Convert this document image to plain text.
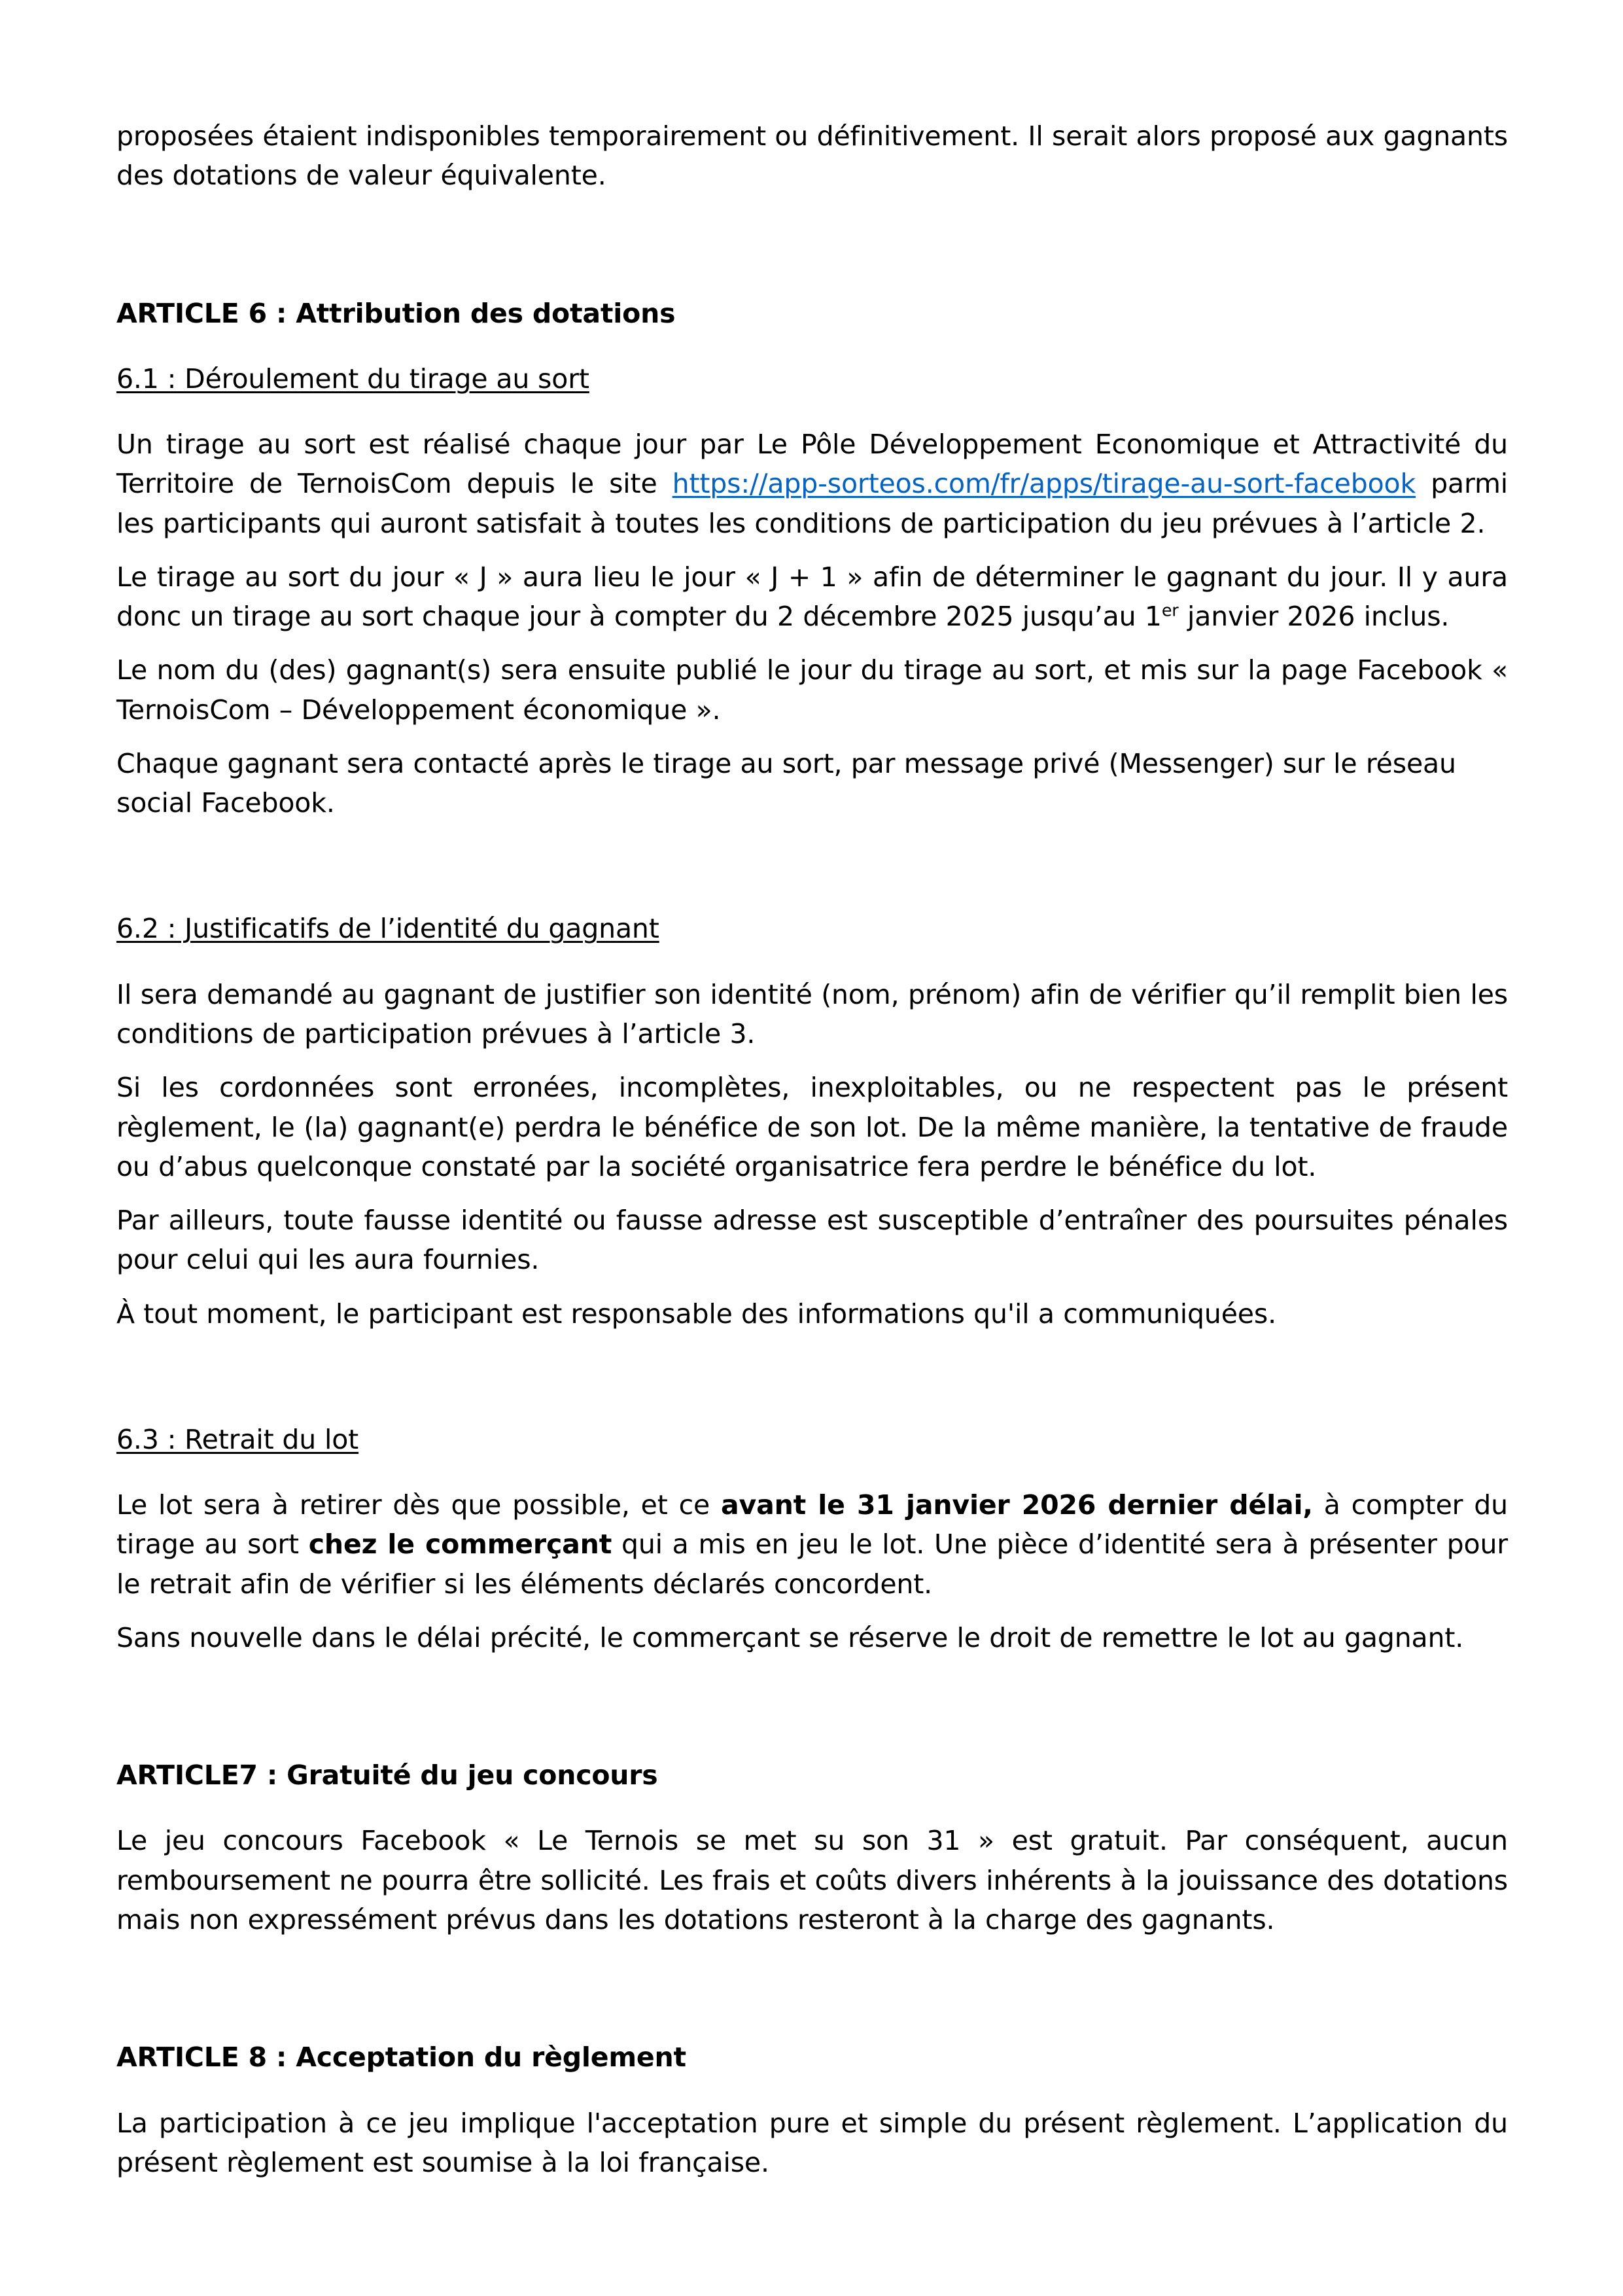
proposées étaient indisponibles temporairement ou définitivement. Il serait alors proposé aux gagnants des dotations de valeur équivalente.

ARTICLE 6 : Attribution des dotations
6.1 : Déroulement du tirage au sort

Un tirage au sort est réalisé chaque jour par Le Pôle Développement Economique et Attractivité du Territoire de TernoisCom depuis le site https://app-sorteos.com/fr/apps/tirage-au-sort-facebook parmi les participants qui auront satisfait à toutes les conditions de participation du jeu prévues à l’article 2.

Le tirage au sort du jour « J » aura lieu le jour « J + 1 » afin de déterminer le gagnant du jour. Il y aura donc un tirage au sort chaque jour à compter du 2 décembre 2025 jusqu’au 1er janvier 2026 inclus.

Le nom du (des) gagnant(s) sera ensuite publié le jour du tirage au sort, et mis sur la page Facebook « TernoisCom – Développement économique ».

Chaque gagnant sera contacté après le tirage au sort, par message privé (Messenger) sur le réseau social Facebook.

6.2 : Justificatifs de l’identité du gagnant

Il sera demandé au gagnant de justifier son identité (nom, prénom) afin de vérifier qu’il remplit bien les conditions de participation prévues à l’article 3.

Si les cordonnées sont erronées, incomplètes, inexploitables, ou ne respectent pas le présent règlement, le (la) gagnant(e) perdra le bénéfice de son lot. De la même manière, la tentative de fraude ou d’abus quelconque constaté par la société organisatrice fera perdre le bénéfice du lot.

Par ailleurs, toute fausse identité ou fausse adresse est susceptible d’entraîner des poursuites pénales pour celui qui les aura fournies.

À tout moment, le participant est responsable des informations qu'il a communiquées.

6.3 : Retrait du lot

Le lot sera à retirer dès que possible, et ce avant le 31 janvier 2026 dernier délai, à compter du tirage au sort chez le commerçant qui a mis en jeu le lot. Une pièce d’identité sera à présenter pour le retrait afin de vérifier si les éléments déclarés concordent.

Sans nouvelle dans le délai précité, le commerçant se réserve le droit de remettre le lot au gagnant.

ARTICLE7 : Gratuité du jeu concours

Le jeu concours Facebook « Le Ternois se met su son 31 » est gratuit. Par conséquent, aucun remboursement ne pourra être sollicité. Les frais et coûts divers inhérents à la jouissance des dotations mais non expressément prévus dans les dotations resteront à la charge des gagnants.

ARTICLE 8 : Acceptation du règlement

La participation à ce jeu implique l'acceptation pure et simple du présent règlement. L’application du présent règlement est soumise à la loi française.
